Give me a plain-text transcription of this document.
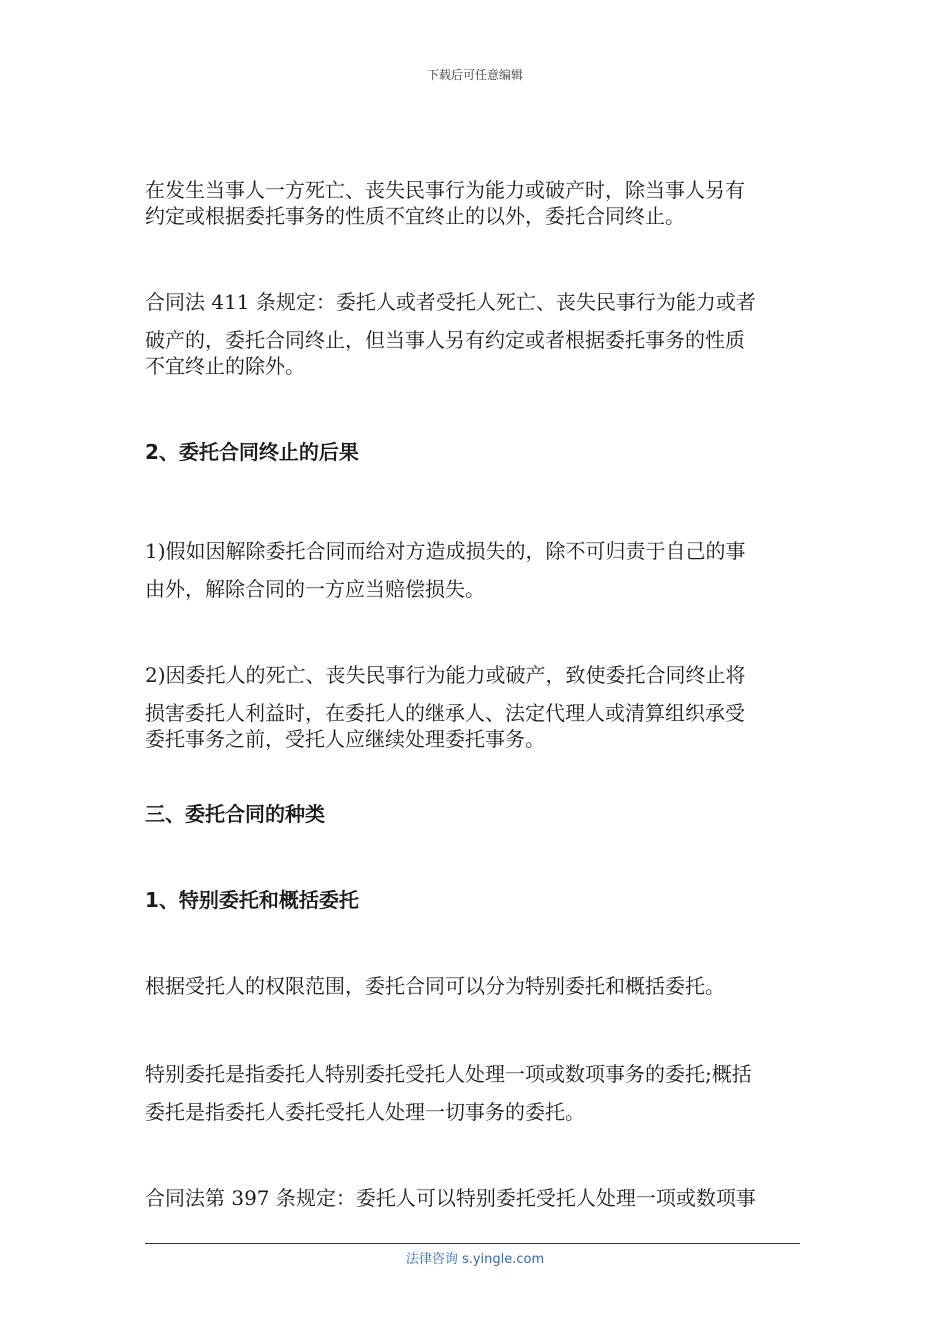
下载后可任意编辑
在发生当事人一方死亡、丧失民事行为能力或破产时，除当事人另有
约定或根据委托事务的性质不宜终止的以外，委托合同终止。
合同法 411 条规定：委托人或者受托人死亡、丧失民事行为能力或者
破产的，委托合同终止，但当事人另有约定或者根据委托事务的性质
不宜终止的除外。
2、委托合同终止的后果
1)假如因解除委托合同而给对方造成损失的，除不可归责于自己的事
由外，解除合同的一方应当赔偿损失。
2)因委托人的死亡、丧失民事行为能力或破产，致使委托合同终止将
损害委托人利益时，在委托人的继承人、法定代理人或清算组织承受
委托事务之前，受托人应继续处理委托事务。
三、委托合同的种类
1、特别委托和概括委托
根据受托人的权限范围，委托合同可以分为特别委托和概括委托。
特别委托是指委托人特别委托受托人处理一项或数项事务的委托;概括
委托是指委托人委托受托人处理一切事务的委托。
合同法第 397 条规定：委托人可以特别委托受托人处理一项或数项事
法律咨询 s.yingle.com
